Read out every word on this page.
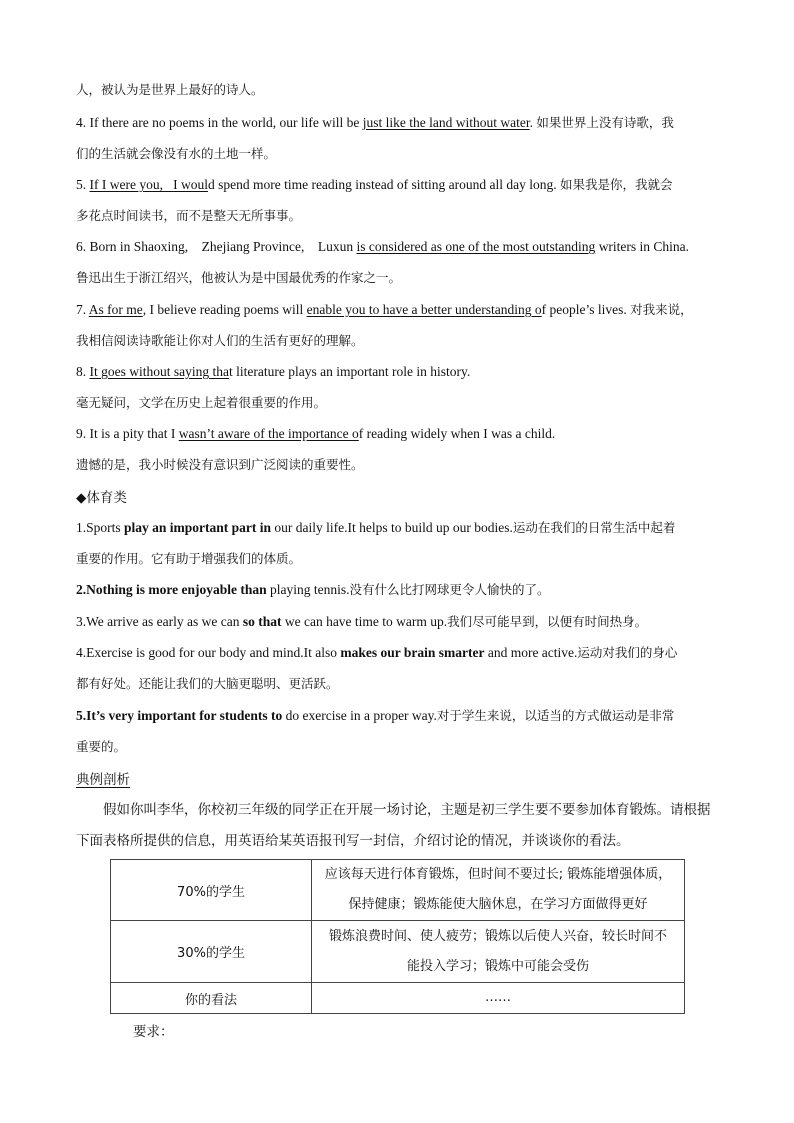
人，被认为是世界上最好的诗人。
4. If there are no poems in the world, our life will be just like the land without water. 如果世界上没有诗歌，我
们的生活就会像没有水的土地一样。
5. If I were you, I would spend more time reading instead of sitting around all day long. 如果我是你，我就会
多花点时间读书，而不是整天无所事事。
6. Born in Shaoxing,    Zhejiang Province,    Luxun is considered as one of the most outstanding writers in China.
鲁迅出生于浙江绍兴，他被认为是中国最优秀的作家之一。
7. As for me, I believe reading poems will enable you to have a better understanding of people’s lives. 对我来说，
我相信阅读诗歌能让你对人们的生活有更好的理解。
8. It goes without saying that literature plays an important role in history.
毫无疑问，文学在历史上起着很重要的作用。
9. It is a pity that I wasn’t aware of the importance of reading widely when I was a child.
遗憾的是，我小时候没有意识到广泛阅读的重要性。
◆体育类
1.Sports play an important part in our daily life.It helps to build up our bodies.运动在我们的日常生活中起着
重要的作用。它有助于增强我们的体质。
2.Nothing is more enjoyable than playing tennis.没有什么比打网球更令人愉快的了。
3.We arrive as early as we can so that we can have time to warm up.我们尽可能早到，以便有时间热身。
4.Exercise is good for our body and mind.It also makes our brain smarter and more active.运动对我们的身心
都有好处。还能让我们的大脑更聪明、更活跃。
5.It’s very important for students to do exercise in a proper way.对于学生来说，以适当的方式做运动是非常
重要的。
典例剖析
假如你叫李华，你校初三年级的同学正在开展一场讨论，主题是初三学生要不要参加体育锻炼。请根据下面表格所提供的信息，用英语给某英语报刊写一封信，介绍讨论的情况，并谈谈你的看法。
70%的学生	应该每天进行体育锻炼，但时间不要过长; 锻炼能增强体质，
保持健康；锻炼能使大脑休息，在学习方面做得更好

30%的学生	锻炼浪费时间、使人疲劳；锻炼以后使人兴奋，较长时间不
能投入学习；锻炼中可能会受伤

你的看法	……
要求：
